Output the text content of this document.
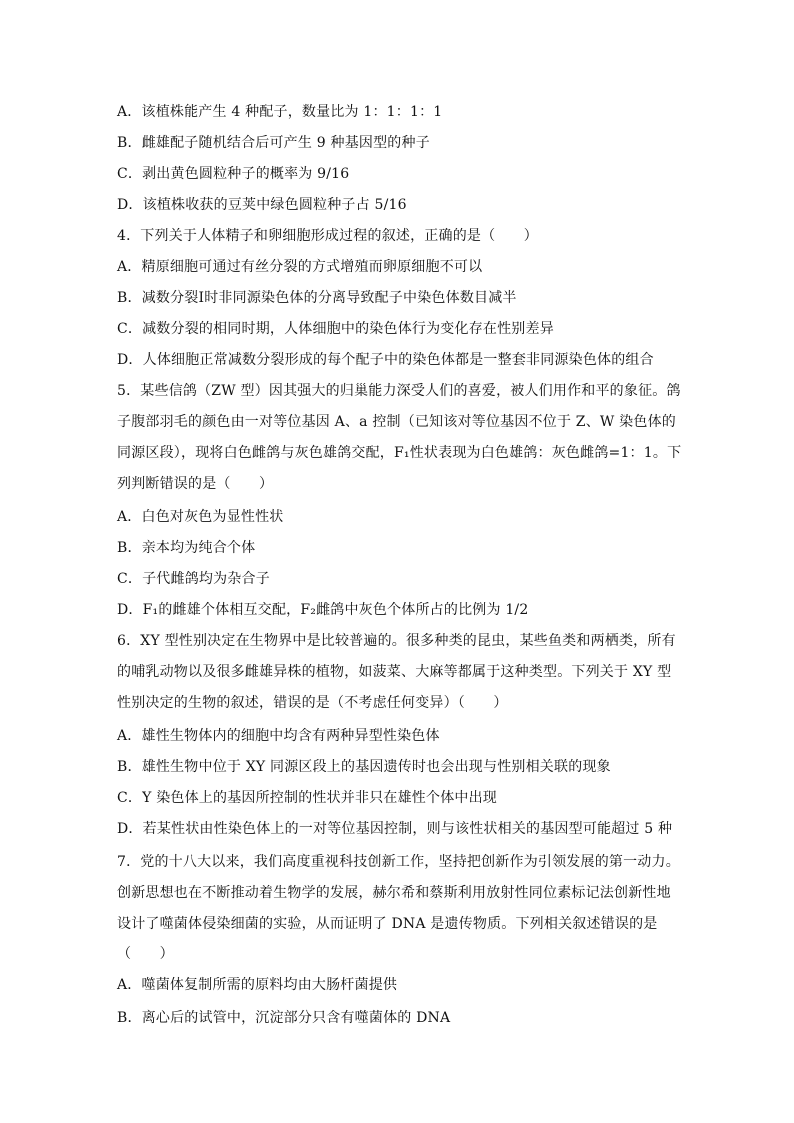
A．该植株能产生 4 种配子，数量比为 1：1：1：1
B．雌雄配子随机结合后可产生 9 种基因型的种子
C．剥出黄色圆粒种子的概率为 9/16
D．该植株收获的豆荚中绿色圆粒种子占 5/16
4．下列关于人体精子和卵细胞形成过程的叙述，正确的是（　　）
A．精原细胞可通过有丝分裂的方式增殖而卵原细胞不可以
B．减数分裂Ⅰ时非同源染色体的分离导致配子中染色体数目减半
C．减数分裂的相同时期，人体细胞中的染色体行为变化存在性别差异
D．人体细胞正常减数分裂形成的每个配子中的染色体都是一整套非同源染色体的组合
5．某些信鸽（ZW 型）因其强大的归巢能力深受人们的喜爱，被人们用作和平的象征。鸽
子腹部羽毛的颜色由一对等位基因 A、a 控制（已知该对等位基因不位于 Z、W 染色体的
同源区段），现将白色雌鸽与灰色雄鸽交配，F₁性状表现为白色雄鸽：灰色雌鸽=1：1。下
列判断错误的是（　　）
A．白色对灰色为显性性状
B．亲本均为纯合个体
C．子代雌鸽均为杂合子
D．F₁的雌雄个体相互交配，F₂雌鸽中灰色个体所占的比例为 1/2
6．XY 型性别决定在生物界中是比较普遍的。很多种类的昆虫，某些鱼类和两栖类，所有
的哺乳动物以及很多雌雄异株的植物，如菠菜、大麻等都属于这种类型。下列关于 XY 型
性别决定的生物的叙述，错误的是（不考虑任何变异）（　　）
A．雄性生物体内的细胞中均含有两种异型性染色体
B．雄性生物中位于 XY 同源区段上的基因遗传时也会出现与性别相关联的现象
C．Y 染色体上的基因所控制的性状并非只在雄性个体中出现
D．若某性状由性染色体上的一对等位基因控制，则与该性状相关的基因型可能超过 5 种
7．党的十八大以来，我们高度重视科技创新工作，坚持把创新作为引领发展的第一动力。
创新思想也在不断推动着生物学的发展，赫尔希和蔡斯利用放射性同位素标记法创新性地
设计了噬菌体侵染细菌的实验，从而证明了 DNA 是遗传物质。下列相关叙述错误的是
（　　）
A．噬菌体复制所需的原料均由大肠杆菌提供
B．离心后的试管中，沉淀部分只含有噬菌体的 DNA
